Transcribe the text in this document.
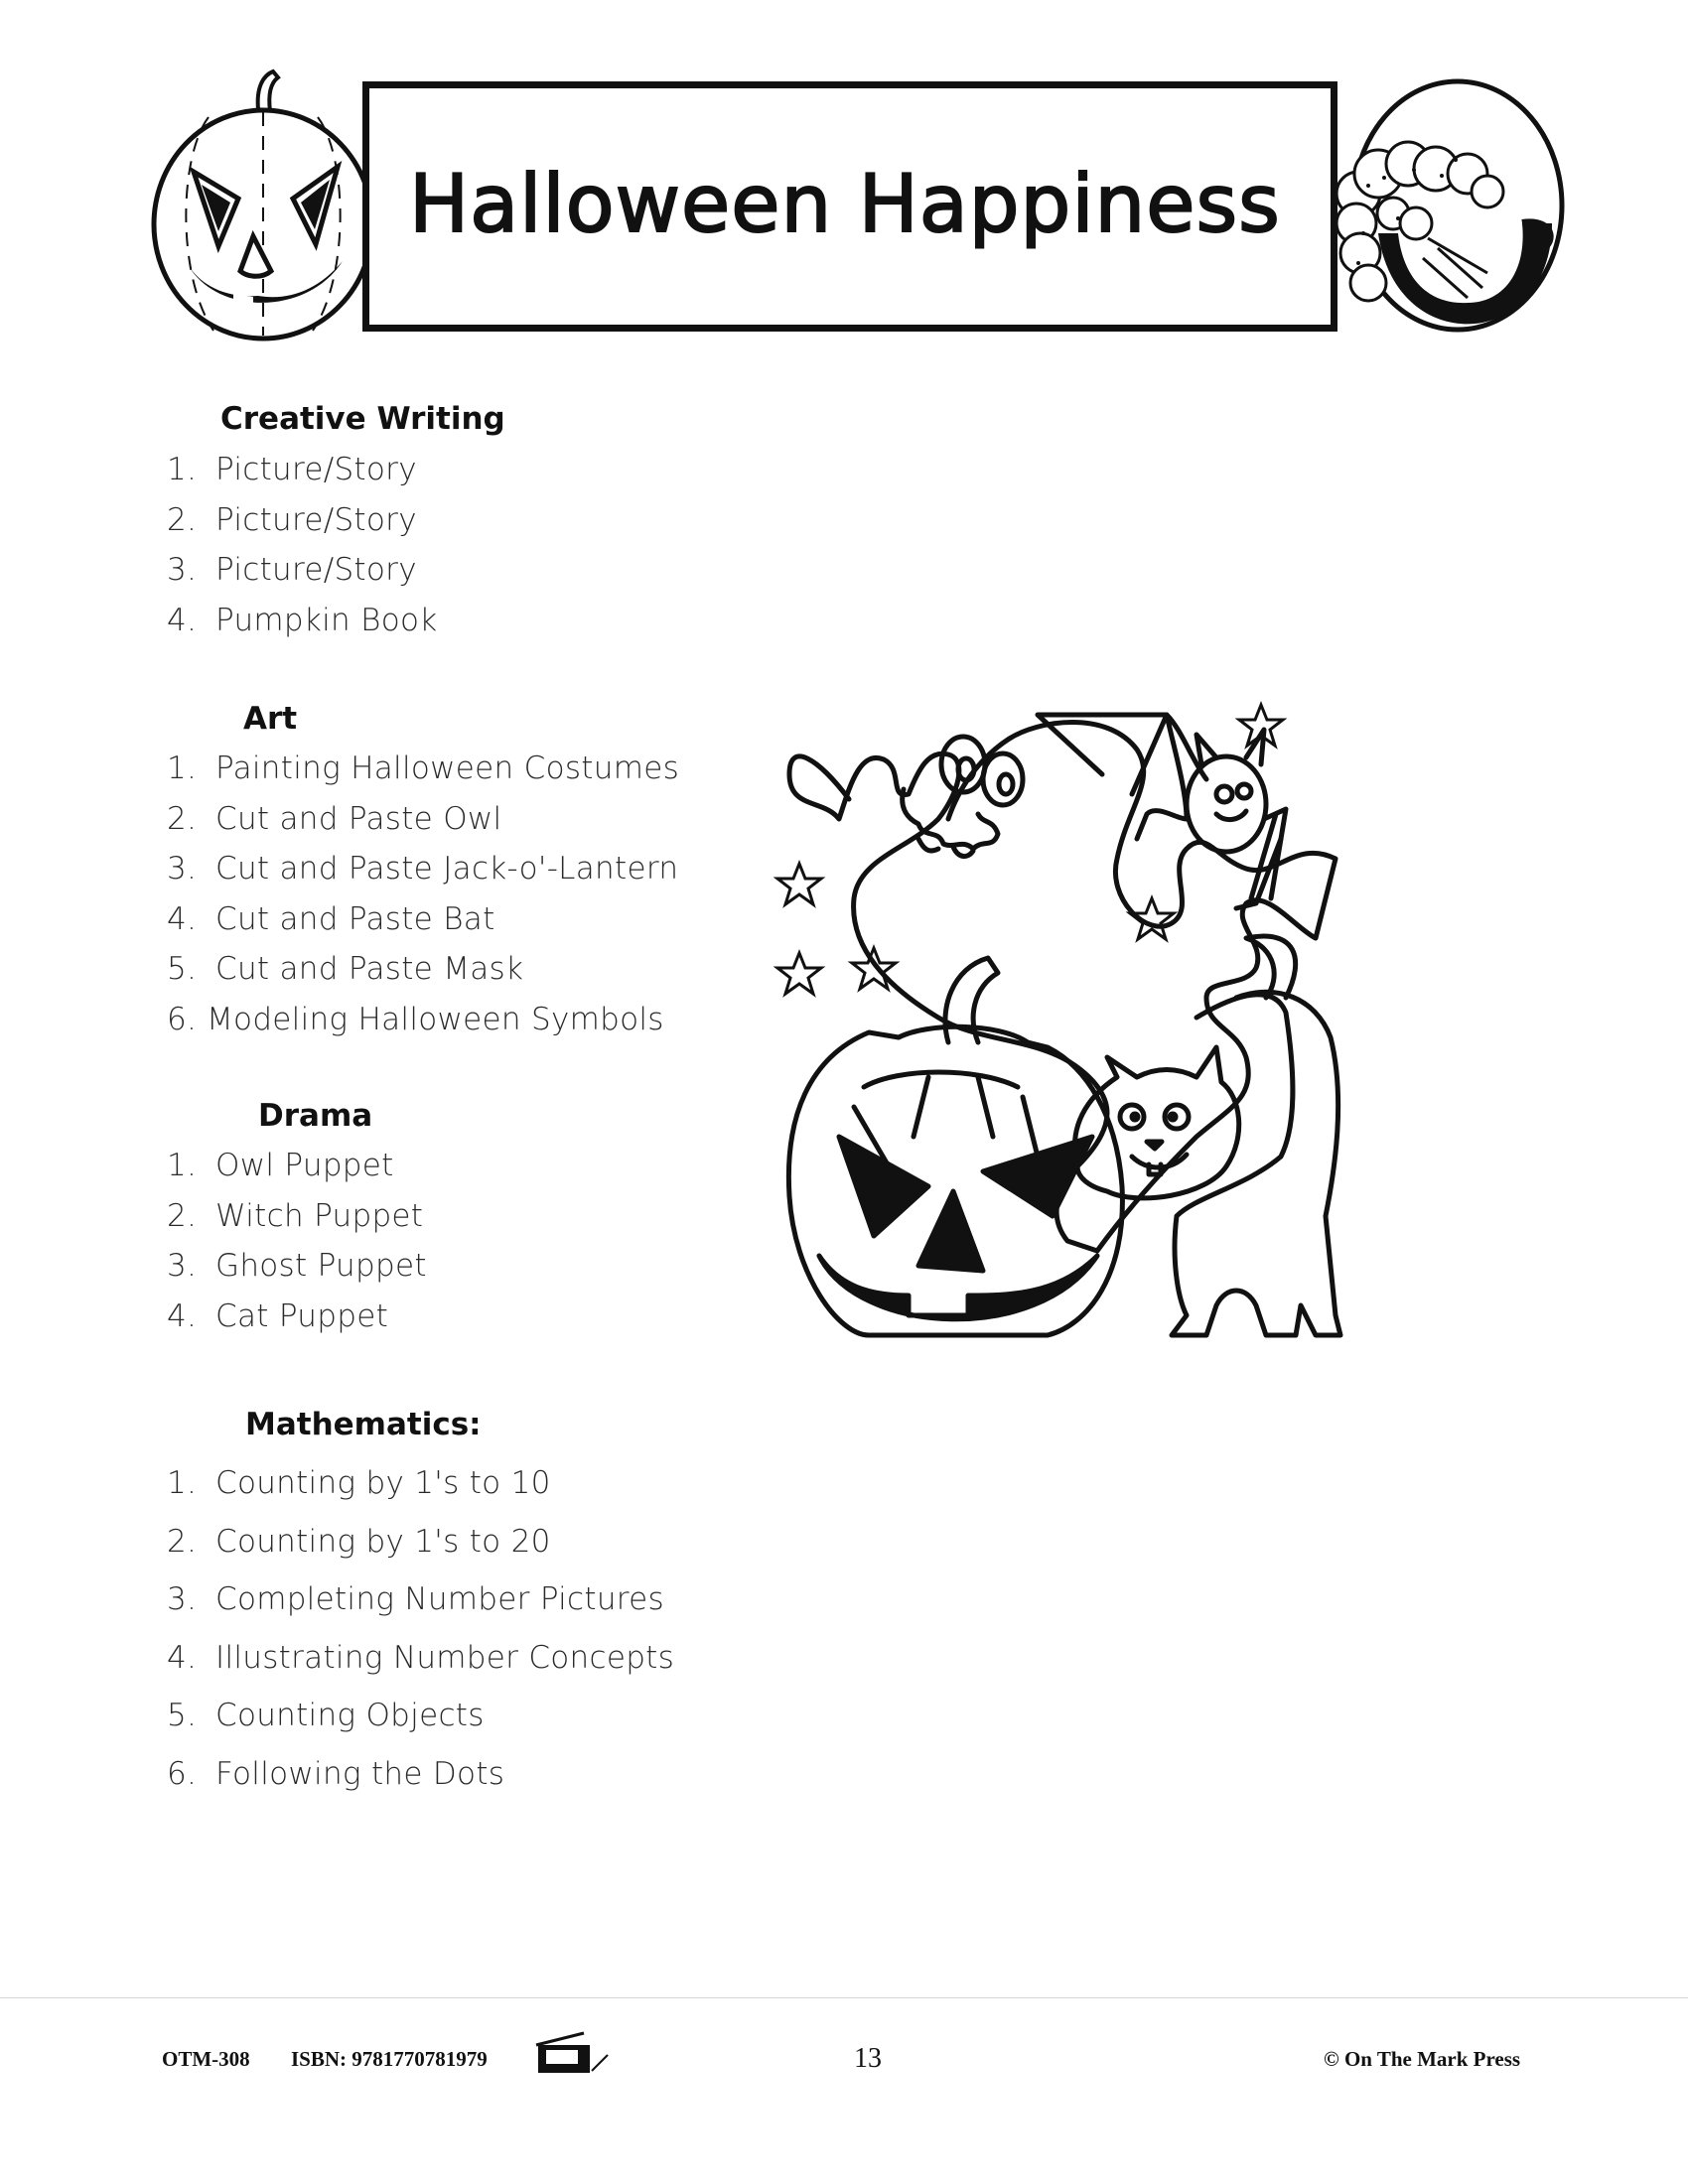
Halloween Happiness
Creative Writing
1. Picture/Story
2. Picture/Story
3. Picture/Story
4. Pumpkin Book
Art
1. Painting Halloween Costumes
2. Cut and Paste Owl
3. Cut and Paste Jack-o'-Lantern
4. Cut and Paste Bat
5. Cut and Paste Mask
6. Modeling Halloween Symbols
Drama
1. Owl Puppet
2. Witch Puppet
3. Ghost Puppet
4. Cat Puppet
Mathematics:
1. Counting by 1's to 10
2. Counting by 1's to 20
3. Completing Number Pictures
4. Illustrating Number Concepts
5. Counting Objects
6. Following the Dots
OTM-308 ISBN: 9781770781979	13	© On The Mark Press
